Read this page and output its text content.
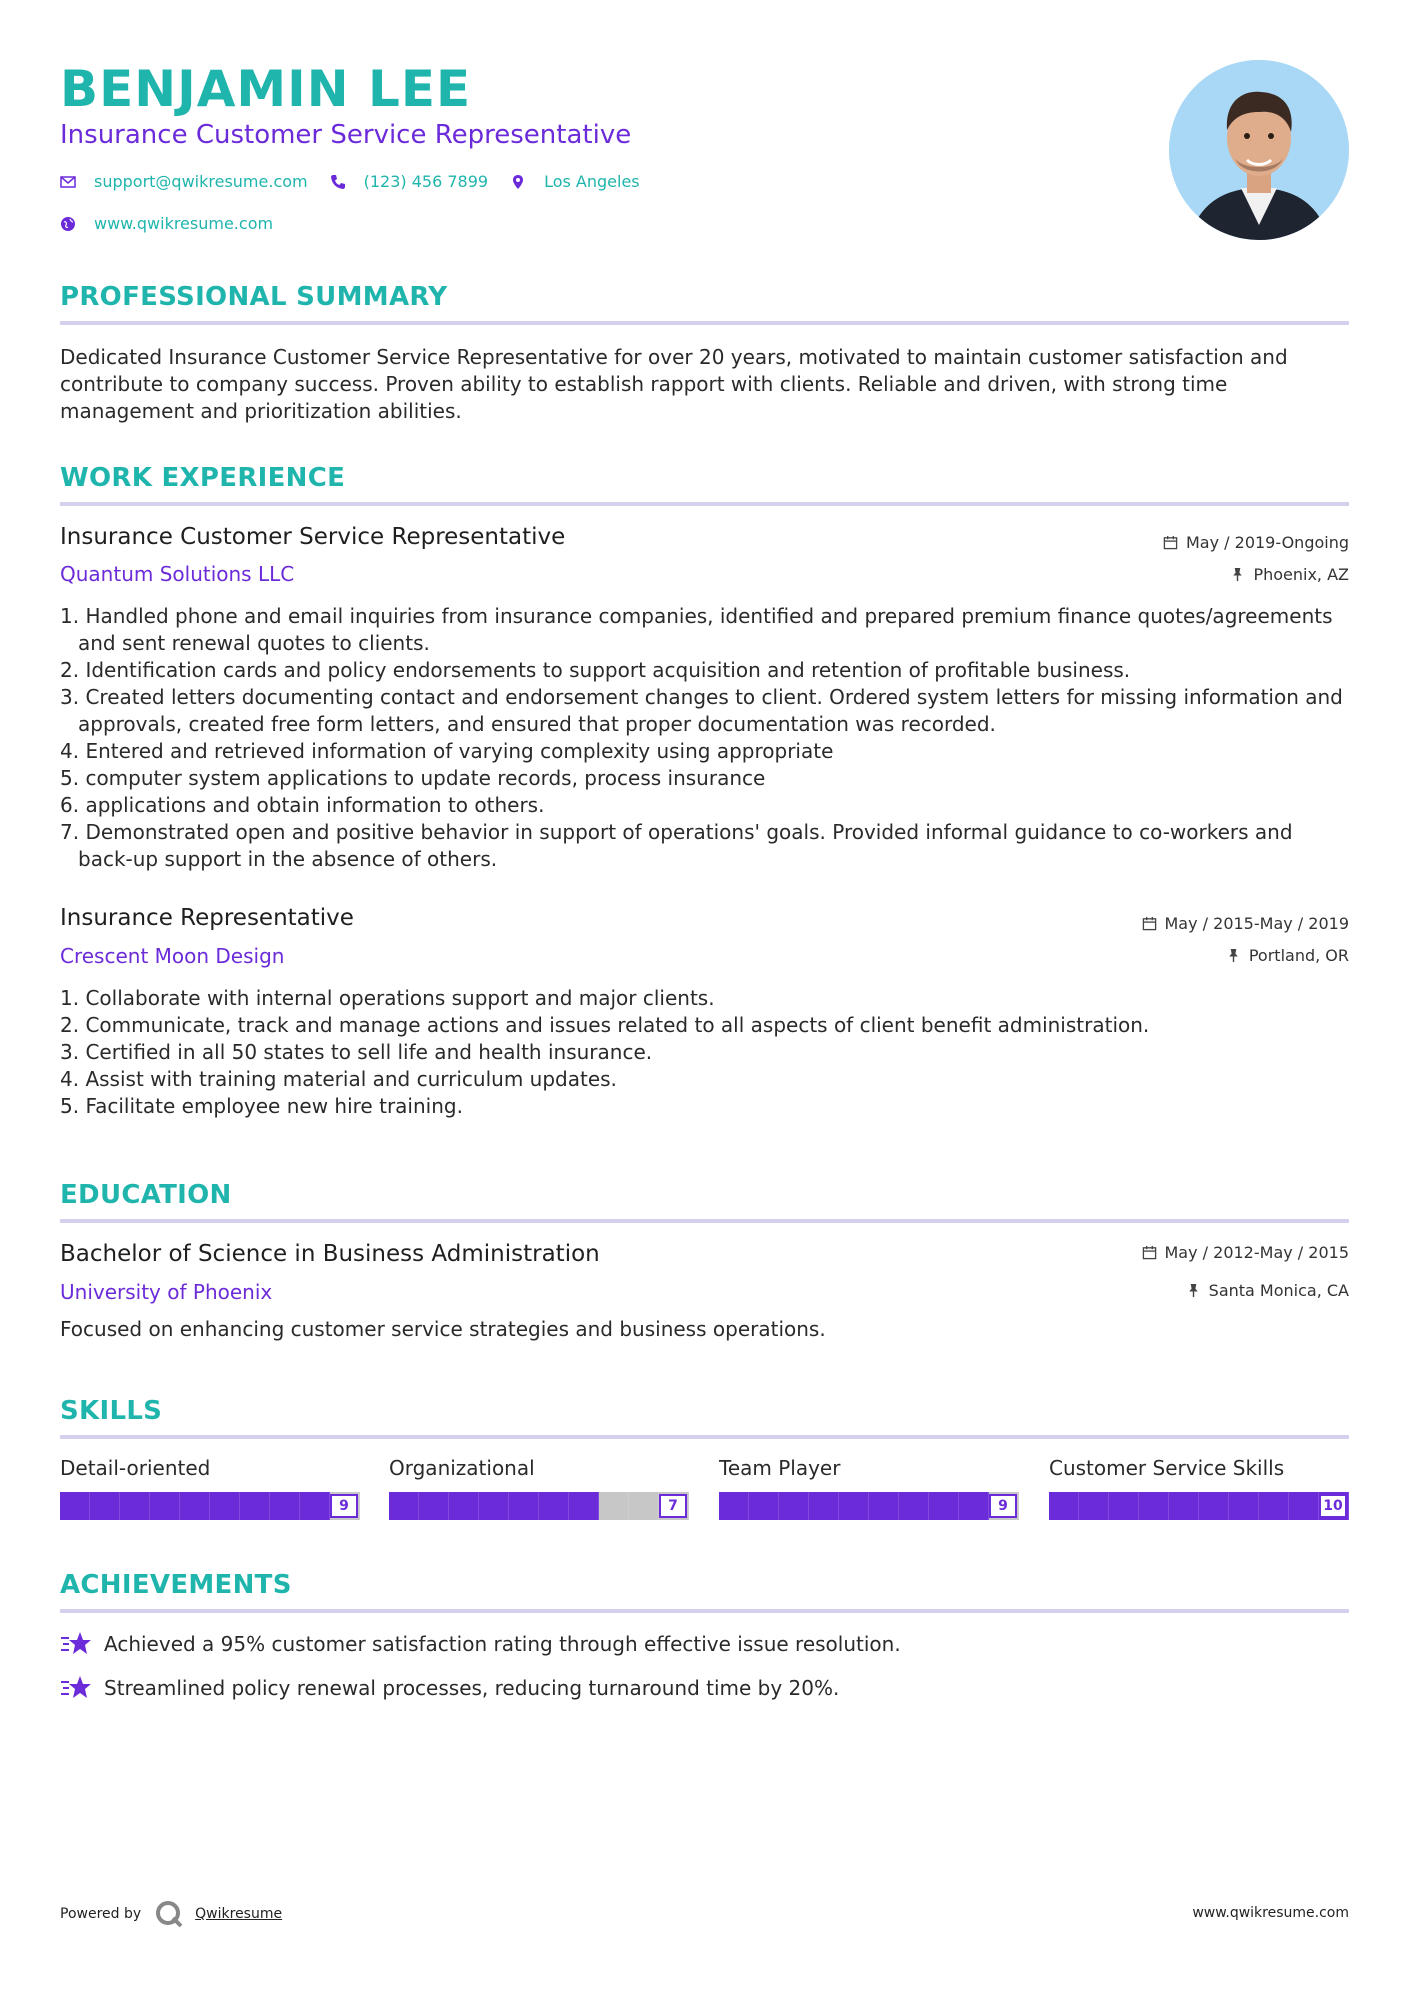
BENJAMIN LEE
Insurance Customer Service Representative
support@qwikresume.com	(123) 456 7899	Los Angeles
www.qwikresume.com
PROFESSIONAL SUMMARY
Dedicated Insurance Customer Service Representative for over 20 years, motivated to maintain customer satisfaction and contribute to company success. Proven ability to establish rapport with clients. Reliable and driven, with strong time management and prioritization abilities.
WORK EXPERIENCE
Insurance Customer Service Representative
Quantum Solutions LLC
May / 2019-Ongoing
Phoenix, AZ
Handled phone and email inquiries from insurance companies, identified and prepared premium finance quotes/agreements and sent renewal quotes to clients.
Identification cards and policy endorsements to support acquisition and retention of profitable business.
Created letters documenting contact and endorsement changes to client. Ordered system letters for missing information and approvals, created free form letters, and ensured that proper documentation was recorded.
Entered and retrieved information of varying complexity using appropriate
computer system applications to update records, process insurance
applications and obtain information to others.
Demonstrated open and positive behavior in support of operations' goals. Provided informal guidance to co-workers and back-up support in the absence of others.
Insurance Representative
Crescent Moon Design
May / 2015-May / 2019
Portland, OR
Collaborate with internal operations support and major clients.
Communicate, track and manage actions and issues related to all aspects of client benefit administration.
Certified in all 50 states to sell life and health insurance.
Assist with training material and curriculum updates.
Facilitate employee new hire training.
EDUCATION
Bachelor of Science in Business Administration
University of Phoenix
May / 2012-May / 2015
Santa Monica, CA
Focused on enhancing customer service strategies and business operations.
SKILLS
Detail-oriented
9
Organizational
7
Team Player
9
Customer Service Skills
10
ACHIEVEMENTS
Achieved a 95% customer satisfaction rating through effective issue resolution.
Streamlined policy renewal processes, reducing turnaround time by 20%.
Powered by	Qwikresume	www.qwikresume.com
